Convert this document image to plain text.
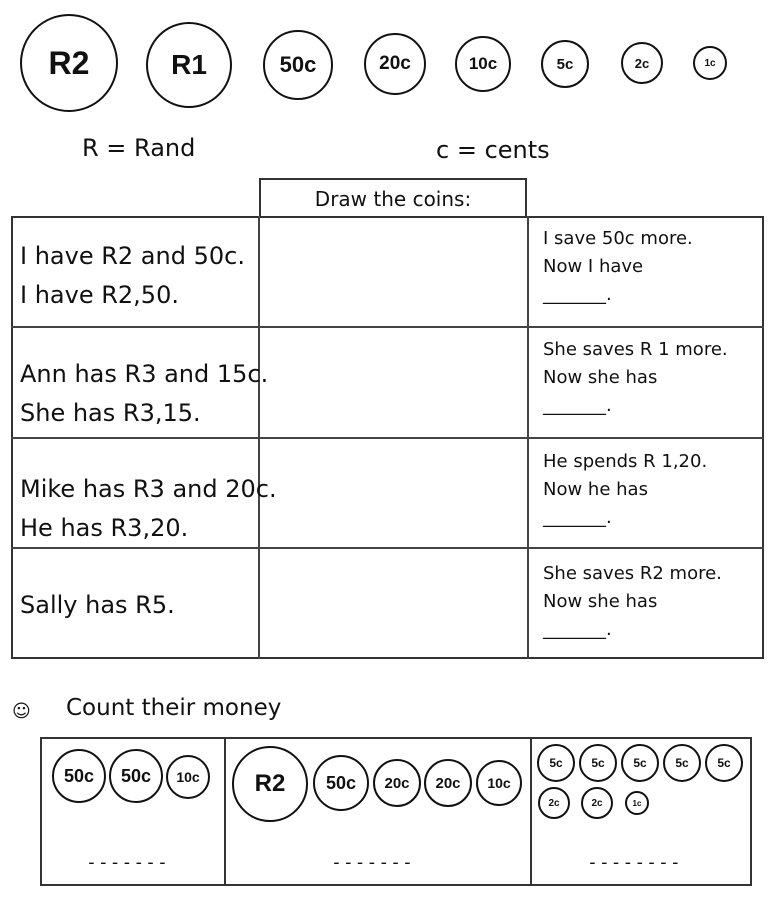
R2	R1	50c	20c	10c	5c	2c	1c
R = Rand	c = cents
Draw the coins:
I have R2 and 50c.
I have R2,50.
I save 50c more.
Now I have
_______.
Ann has R3 and 15c.
She has R3,15.
She saves R 1 more.
Now she has
_______.
Mike has R3 and 20c.
He has R3,20.
He spends R 1,20.
Now he has
_______.
Sally has R5.
She saves R2 more.
Now she has
_______.
☺ Count their money
50c	50c	10c
-------
R2	50c	20c	20c	10c
-------
5c	5c	5c	5c	5c
2c	2c	1c
--------
